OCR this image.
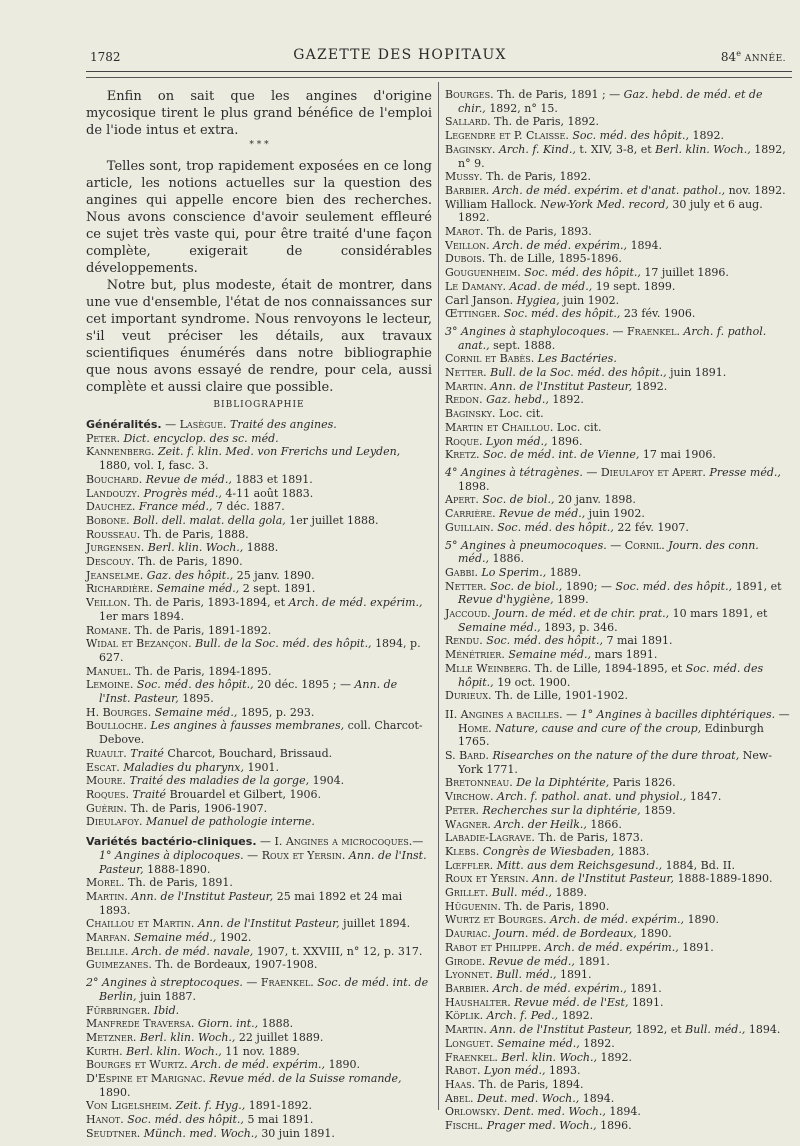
1782	GAZETTE DES HOPITAUX	84e ANNÉE.

Enfin on sait que les angines d'origine mycosique tirent le plus grand bénéfice de l'emploi de l'iode intus et extra.

* * *

Telles sont, trop rapidement exposées en ce long article, les notions actuelles sur la question des angines qui appelle encore bien des recherches. Nous avons conscience d'avoir seulement effleuré ce sujet très vaste qui, pour être traité d'une façon complète, exigerait de considérables développements.

Notre but, plus modeste, était de montrer, dans une vue d'ensemble, l'état de nos connaissances sur cet important syndrome. Nous renvoyons le lecteur, s'il veut préciser les détails, aux travaux scientifiques énumérés dans notre bibliographie que nous avons essayé de rendre, pour cela, aussi complète et aussi claire que possible.

BIBLIOGRAPHIE

Généralités. — Lasègue. Traité des angines.

Peter. Dict. encyclop. des sc. méd.

Kannenberg. Zeit. f. klin. Med. von Frerichs und Leyden, 1880, vol. I, fasc. 3.

Bouchard. Revue de méd., 1883 et 1891.

Landouzy. Progrès méd., 4-11 août 1883.

Dauchez. France méd., 7 déc. 1887.

Bobone. Boll. dell. malat. della gola, 1er juillet 1888.

Rousseau. Th. de Paris, 1888.

Jurgensen. Berl. klin. Woch., 1888.

Descouy. Th. de Paris, 1890.

Jeanselme. Gaz. des hôpit., 25 janv. 1890.

Richardière. Semaine méd., 2 sept. 1891.

Veillon. Th. de Paris, 1893-1894, et Arch. de méd. expérim., 1er mars 1894.

Romane. Th. de Paris, 1891-1892.

Widal et Bezançon. Bull. de la Soc. méd. des hôpit., 1894, p. 627.

Manuel. Th. de Paris, 1894-1895.

Lemoine. Soc. méd. des hôpit., 20 déc. 1895 ; — Ann. de l'Inst. Pasteur, 1895.

H. Bourges. Semaine méd., 1895, p. 293.

Boulloche. Les angines à fausses membranes, coll. Charcot-Debove.

Ruault. Traité Charcot, Bouchard, Brissaud.

Escat. Maladies du pharynx, 1901.

Moure. Traité des maladies de la gorge, 1904.

Roques. Traité Brouardel et Gilbert, 1906.

Guérin. Th. de Paris, 1906-1907.

Dieulafoy. Manuel de pathologie interne.

Variétés bactério-cliniques. — I. Angines a microcoques.— 1° Angines à diplocoques. — Roux et Yersin. Ann. de l'Inst. Pasteur, 1888-1890.

Morel. Th. de Paris, 1891.

Martin. Ann. de l'Institut Pasteur, 25 mai 1892 et 24 mai 1893.

Chaillou et Martin. Ann. de l'Institut Pasteur, juillet 1894.

Marfan. Semaine méd., 1902.

Bellile. Arch. de méd. navale, 1907, t. XXVIII, n° 12, p. 317.

Guimezanes. Th. de Bordeaux, 1907-1908.

2° Angines à streptocoques. — Fraenkel. Soc. de méd. int. de Berlin, juin 1887.

Fürbringer. Ibid.

Manfrede Traversa. Giorn. int., 1888.

Metzner. Berl. klin. Woch., 22 juillet 1889.

Kurth. Berl. klin. Woch., 11 nov. 1889.

Bourges et Wurtz. Arch. de méd. expérim., 1890.

D'Espine et Marignac. Revue méd. de la Suisse romande, 1890.

Von Ligelsheim. Zeit. f. Hyg., 1891-1892.

Hanot. Soc. méd. des hôpit., 5 mai 1891.

Seudtner. Münch. med. Woch., 30 juin 1891.

Bourges. Th. de Paris, 1891 ; — Gaz. hebd. de méd. et de chir., 1892, n° 15.

Sallard. Th. de Paris, 1892.

Legendre et P. Claisse. Soc. méd. des hôpit., 1892.

Baginsky. Arch. f. Kind., t. XIV, 3-8, et Berl. klin. Woch., 1892, n° 9.

Mussy. Th. de Paris, 1892.

Barbier. Arch. de méd. expérim. et d'anat. pathol., nov. 1892.

William Hallock. New-York Med. record, 30 july et 6 aug. 1892.

Marot. Th. de Paris, 1893.

Veillon. Arch. de méd. expérim., 1894.

Dubois. Th. de Lille, 1895-1896.

Gouguenheim. Soc. méd. des hôpit., 17 juillet 1896.

Le Damany. Acad. de méd., 19 sept. 1899.

Carl Janson. Hygiea, juin 1902.

Œttinger. Soc. méd. des hôpit., 23 fév. 1906.

3° Angines à staphylocoques. — Fraenkel. Arch. f. pathol. anat., sept. 1888.

Cornil et Babès. Les Bactéries.

Netter. Bull. de la Soc. méd. des hôpit., juin 1891.

Martin. Ann. de l'Institut Pasteur, 1892.

Redon. Gaz. hebd., 1892.

Baginsky. Loc. cit.

Martin et Chaillou. Loc. cit.

Roque. Lyon méd., 1896.

Kretz. Soc. de méd. int. de Vienne, 17 mai 1906.

4° Angines à tétragènes. — Dieulafoy et Apert. Presse méd., 1898.

Apert. Soc. de biol., 20 janv. 1898.

Carrière. Revue de méd., juin 1902.

Guillain. Soc. méd. des hôpit., 22 fév. 1907.

5° Angines à pneumocoques. — Cornil. Journ. des conn. méd., 1886.

Gabbi. Lo Sperim., 1889.

Netter. Soc. de biol., 1890; — Soc. méd. des hôpit., 1891, et Revue d'hygiène, 1899.

Jaccoud. Journ. de méd. et de chir. prat., 10 mars 1891, et Semaine méd., 1893, p. 346.

Rendu. Soc. méd. des hôpit., 7 mai 1891.

Ménétrier. Semaine méd., mars 1891.

Mlle Weinberg. Th. de Lille, 1894-1895, et Soc. méd. des hôpit., 19 oct. 1900.

Durieux. Th. de Lille, 1901-1902.

II. Angines a bacilles. — 1° Angines à bacilles diphtériques. — Home. Nature, cause and cure of the croup, Edinburgh 1765.

S. Bard. Risearches on the nature of the dure throat, New-York 1771.

Bretonneau. De la Diphtérite, Paris 1826.

Virchow. Arch. f. pathol. anat. und physiol., 1847.

Peter. Recherches sur la diphtérie, 1859.

Wagner. Arch. der Heilk., 1866.

Labadie-Lagrave. Th. de Paris, 1873.

Klebs. Congrès de Wiesbaden, 1883.

Lœffler. Mitt. aus dem Reichsgesund., 1884, Bd. II.

Roux et Yersin. Ann. de l'Institut Pasteur, 1888-1889-1890.

Grillet. Bull. méd., 1889.

Hüguenin. Th. de Paris, 1890.

Wurtz et Bourges. Arch. de méd. expérim., 1890.

Dauriac. Journ. méd. de Bordeaux, 1890.

Rabot et Philippe. Arch. de méd. expérim., 1891.

Girode. Revue de méd., 1891.

Lyonnet. Bull. méd., 1891.

Barbier. Arch. de méd. expérim., 1891.

Haushalter. Revue méd. de l'Est, 1891.

Köplik. Arch. f. Ped., 1892.

Martin. Ann. de l'Institut Pasteur, 1892, et Bull. méd., 1894.

Longuet. Semaine méd., 1892.

Fraenkel. Berl. klin. Woch., 1892.

Rabot. Lyon méd., 1893.

Haas. Th. de Paris, 1894.

Abel. Deut. med. Woch., 1894.

Orlowsky. Dent. med. Woch., 1894.

Fischl. Prager med. Woch., 1896.
